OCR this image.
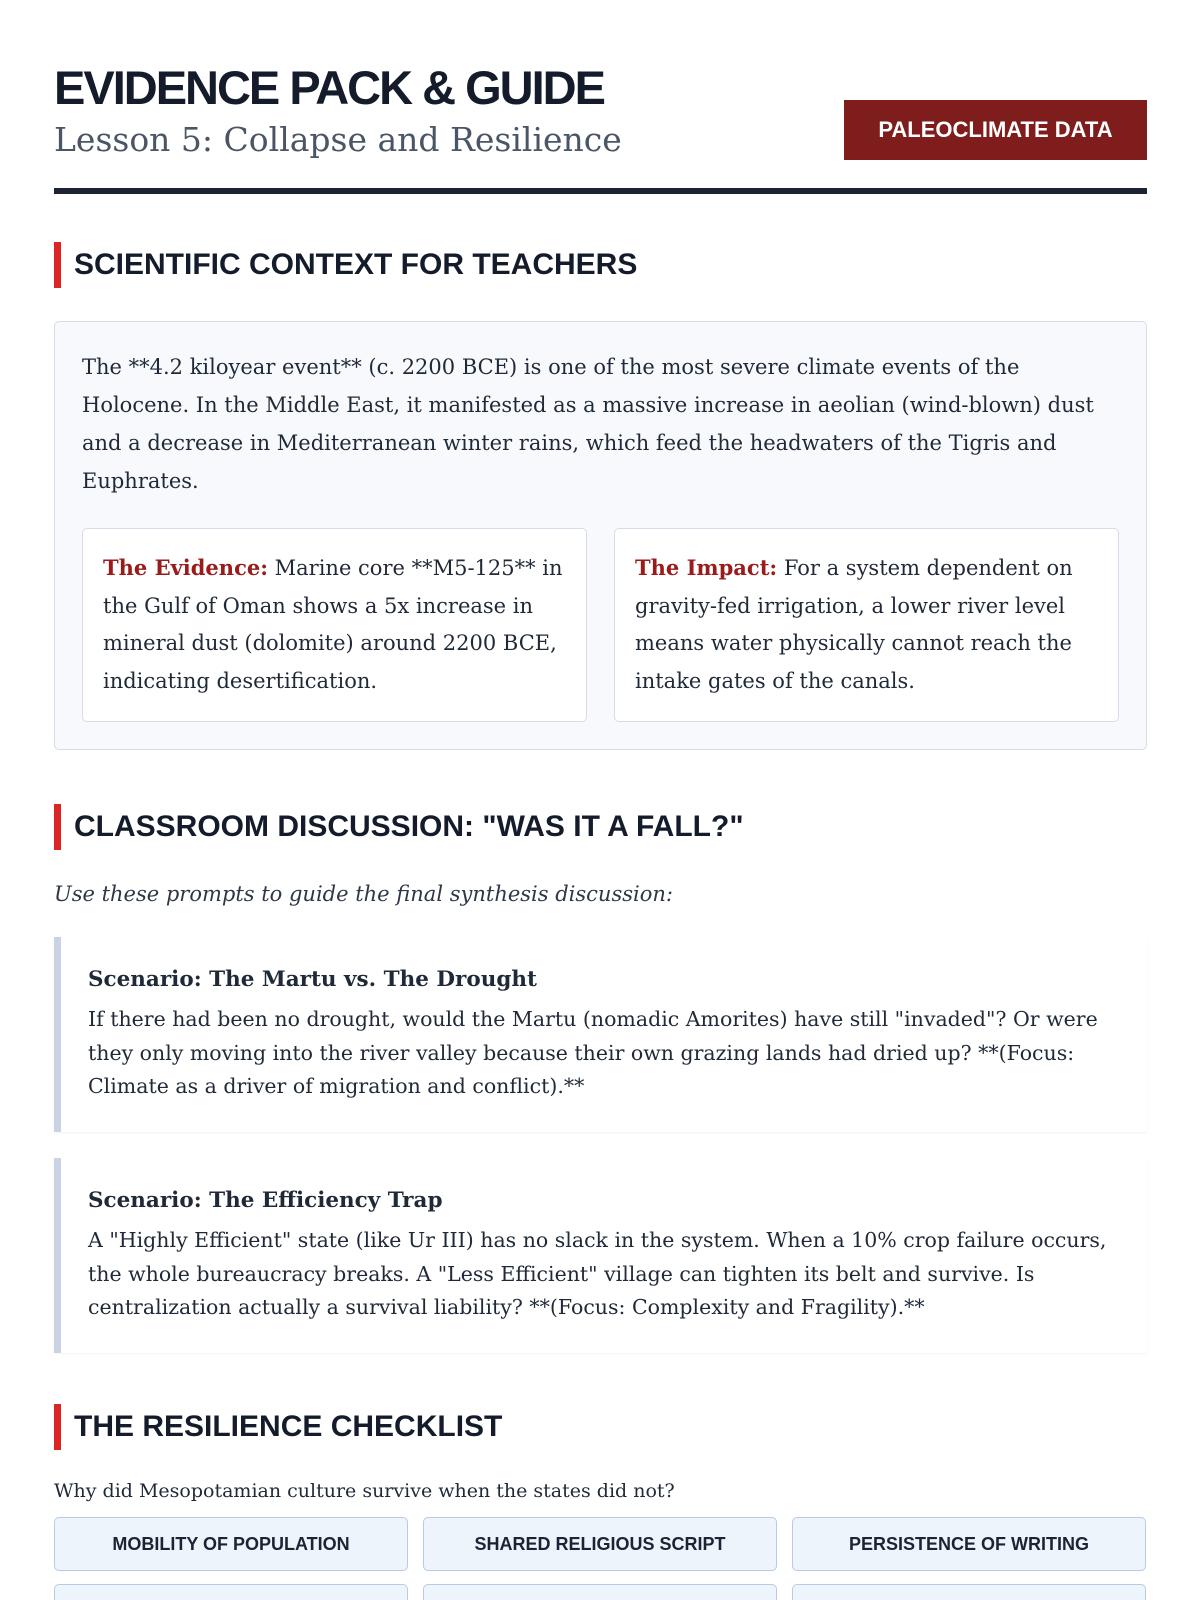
EVIDENCE PACK & GUIDE
Lesson 5: Collapse and Resilience	PALEOCLIMATE DATA
SCIENTIFIC CONTEXT FOR TEACHERS
The **4.2 kiloyear event** (c. 2200 BCE) is one of the most severe climate events of the Holocene. In the Middle East, it manifested as a massive increase in aeolian (wind-blown) dust and a decrease in Mediterranean winter rains, which feed the headwaters of the Tigris and Euphrates.
The Evidence: Marine core **M5-125** in the Gulf of Oman shows a 5x increase in mineral dust (dolomite) around 2200 BCE, indicating desertification.
The Impact: For a system dependent on gravity-fed irrigation, a lower river level means water physically cannot reach the intake gates of the canals.
CLASSROOM DISCUSSION: "WAS IT A FALL?"
Use these prompts to guide the final synthesis discussion:
Scenario: The Martu vs. The Drought
If there had been no drought, would the Martu (nomadic Amorites) have still "invaded"? Or were they only moving into the river valley because their own grazing lands had dried up? **(Focus: Climate as a driver of migration and conflict).**
Scenario: The Efficiency Trap
A "Highly Efficient" state (like Ur III) has no slack in the system. When a 10% crop failure occurs, the whole bureaucracy breaks. A "Less Efficient" village can tighten its belt and survive. Is centralization actually a survival liability? **(Focus: Complexity and Fragility).**
THE RESILIENCE CHECKLIST
Why did Mesopotamian culture survive when the states did not?
MOBILITY OF POPULATION	SHARED RELIGIOUS SCRIPT	PERSISTENCE OF WRITING
